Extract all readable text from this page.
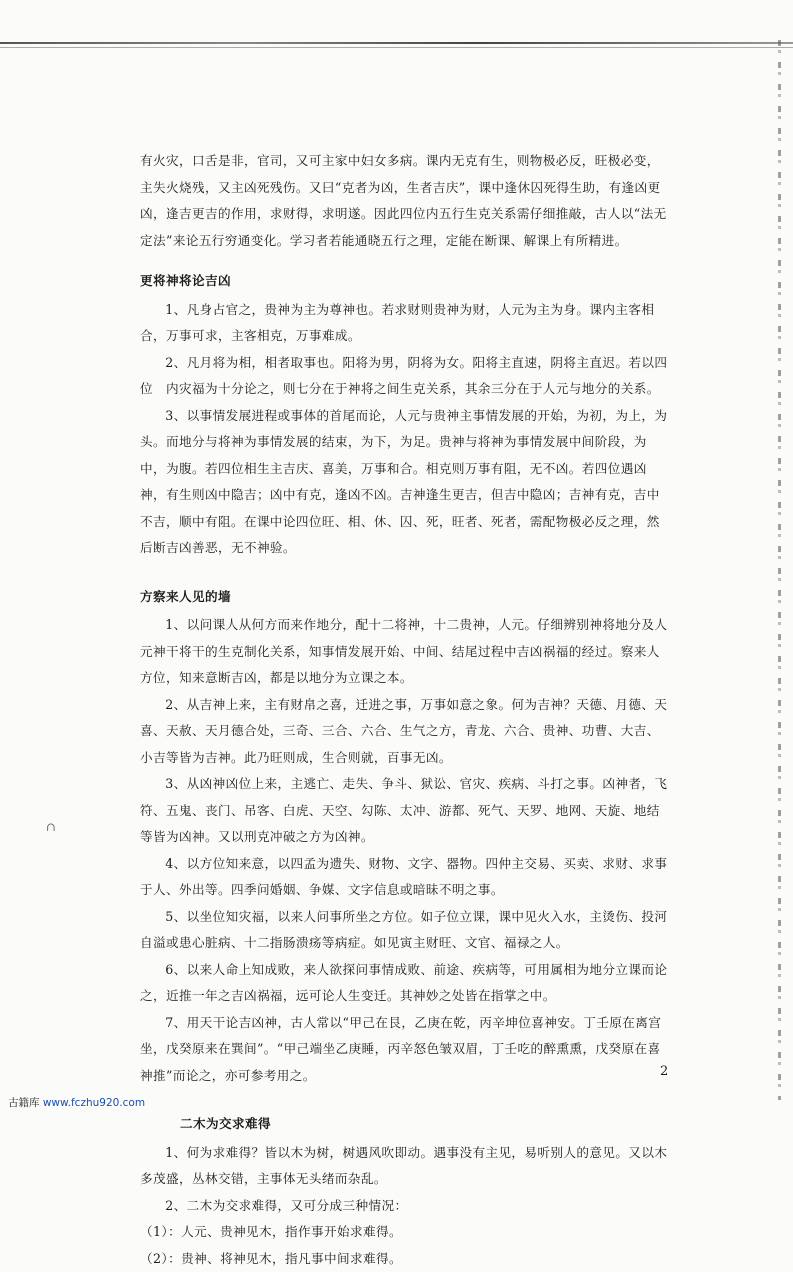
∩

有火灾，口舌是非，官司，又可主家中妇女多病。课内无克有生，则物极必反，旺极必变，主失火烧残，又主凶死残伤。又曰“克者为凶，生者吉庆”，课中逢休囚死得生助，有逢凶更凶，逢吉更吉的作用，求财得，求明遂。因此四位内五行生克关系需仔细推敲，古人以“法无定法”来论五行穷通变化。学习者若能通晓五行之理，定能在断课、解课上有所精进。

更将神将论吉凶

1、凡身占官之，贵神为主为尊神也。若求财则贵神为财，人元为主为身。课内主客相合，万事可求，主客相克，万事难成。

2、凡月将为相，相者取事也。阳将为男，阴将为女。阳将主直速，阴将主直迟。若以四位　内灾福为十分论之，则七分在于神将之间生克关系，其余三分在于人元与地分的关系。

3、以事情发展进程或事体的首尾而论，人元与贵神主事情发展的开始，为初，为上，为头。而地分与将神为事情发展的结束，为下，为足。贵神与将神为事情发展中间阶段，为中，为腹。若四位相生主吉庆、喜美，万事和合。相克则万事有阻，无不凶。若四位遇凶神，有生则凶中隐吉；凶中有克，逢凶不凶。吉神逢生更吉，但吉中隐凶；吉神有克，吉中不吉，顺中有阻。在课中论四位旺、相、休、囚、死，旺者、死者，需配物极必反之理，然后断吉凶善恶，无不神验。

方察来人见的墙

1、以问课人从何方而来作地分，配十二将神，十二贵神，人元。仔细辨别神将地分及人元神干将干的生克制化关系，知事情发展开始、中间、结尾过程中吉凶祸福的经过。察来人方位，知来意断吉凶，都是以地分为立课之本。

2、从吉神上来，主有财帛之喜，迁进之事，万事如意之象。何为吉神？天德、月德、天喜、天赦、天月德合处，三奇、三合、六合、生气之方，青龙、六合、贵神、功曹、大吉、小吉等皆为吉神。此乃旺则成，生合则就，百事无凶。

3、从凶神凶位上来，主逃亡、走失、争斗、狱讼、官灾、疾病、斗打之事。凶神者，飞符、五鬼、丧门、吊客、白虎、天空、勾陈、太冲、游都、死气、天罗、地网、天旋、地结等皆为凶神。又以刑克冲破之方为凶神。

4、以方位知来意，以四孟为遗失、财物、文字、器物。四仲主交易、买卖、求财、求事于人、外出等。四季问婚姻、争媒、文字信息或暗昧不明之事。

5、以坐位知灾福，以来人问事所坐之方位。如子位立课，课中见火入水，主烫伤、投河自溢或患心脏病、十二指肠溃疡等病症。如见寅主财旺、文官、福禄之人。

6、以来人命上知成败，来人欲探问事情成败、前途、疾病等，可用属相为地分立课而论之，近推一年之吉凶祸福，远可论人生变迁。其神妙之处皆在指掌之中。

7、用天干论吉凶神，古人常以“甲己在艮，乙庚在乾，丙辛坤位喜神安。丁壬原在离宫坐，戊癸原来在巽间”。“甲己端坐乙庚睡，丙辛怒色皱双眉，丁壬吃的醉熏熏，戊癸原在喜神推”而论之，亦可参考用之。

二木为交求难得

1、何为求难得？皆以木为树，树遇风吹即动。遇事没有主见，易听别人的意见。又以木多茂盛，丛林交错，主事体无头绪而杂乱。

2、二木为交求难得，又可分成三种情况：

（1）：人元、贵神见木，指作事开始求难得。

（2）：贵神、将神见木，指凡事中间求难得。

2
古籍库 www.fczhu920.com
